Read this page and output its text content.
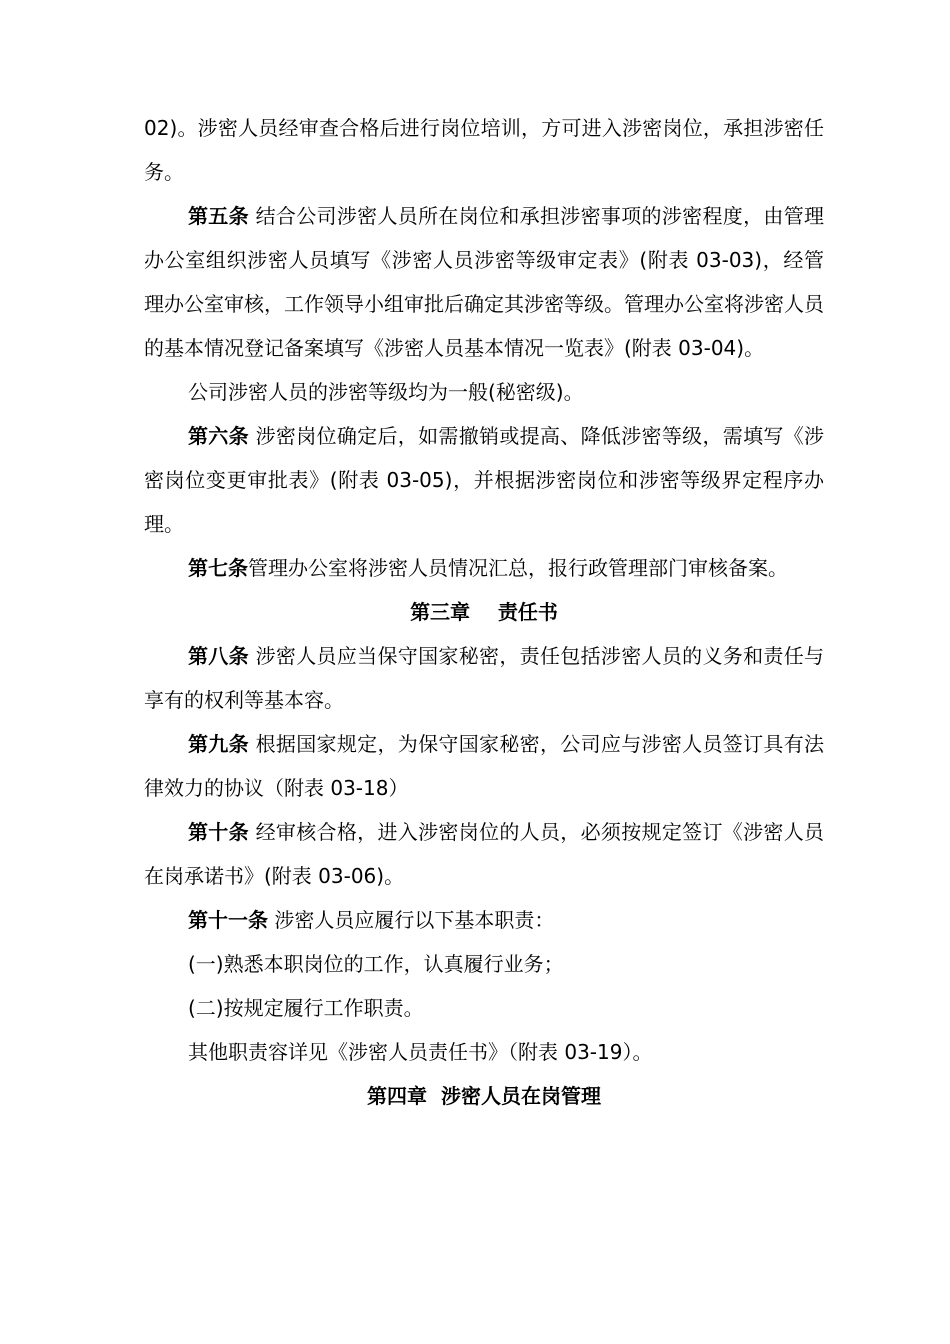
02)。涉密人员经审查合格后进行岗位培训，方可进入涉密岗位，承担涉密任务。

第五条 结合公司涉密人员所在岗位和承担涉密事项的涉密程度，由管理办公室组织涉密人员填写《涉密人员涉密等级审定表》(附表 03-03)，经管理办公室审核，工作领导小组审批后确定其涉密等级。管理办公室将涉密人员的基本情况登记备案填写《涉密人员基本情况一览表》(附表 03-04)。

公司涉密人员的涉密等级均为一般(秘密级)。

第六条 涉密岗位确定后，如需撤销或提高、降低涉密等级，需填写《涉密岗位变更审批表》(附表 03-05)，并根据涉密岗位和涉密等级界定程序办理。

第七条管理办公室将涉密人员情况汇总，报行政管理部门审核备案。

第三章    责任书

第八条 涉密人员应当保守国家秘密，责任包括涉密人员的义务和责任与享有的权利等基本容。

第九条 根据国家规定，为保守国家秘密，公司应与涉密人员签订具有法律效力的协议（附表 03-18）

第十条 经审核合格，进入涉密岗位的人员，必须按规定签订《涉密人员在岗承诺书》(附表 03-06)。

第十一条 涉密人员应履行以下基本职责：

(一)熟悉本职岗位的工作，认真履行业务；

(二)按规定履行工作职责。

其他职责容详见《涉密人员责任书》（附表 03-19）。

第四章  涉密人员在岗管理
